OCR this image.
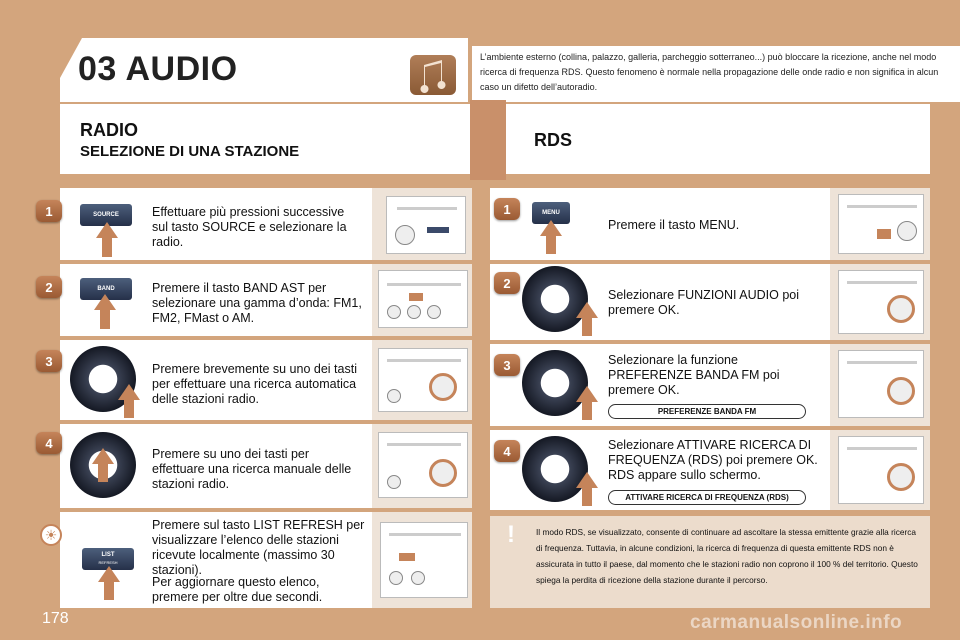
03 AUDIO	L’ambiente esterno (collina, palazzo, galleria, parcheggio sotterraneo...) può bloccare la ricezione, anche nel modo ricerca di frequenza RDS. Questo fenomeno è normale nella propagazione delle onde radio e non significa in alcun caso un difetto dell’autoradio.
RADIO
SELEZIONE DI UNA STAZIONE
RDS
1	SOURCE	Effettuare più pressioni successive sul tasto SOURCE e selezionare la radio.
2	BAND	Premere il tasto BAND AST per selezionare una gamma d’onda: FM1, FM2, FMast o AM.
3
Premere brevemente su uno dei tasti per effettuare una ricerca automatica delle stazioni radio.
4
Premere su uno dei tasti per effettuare una ricerca manuale delle stazioni radio.
☀
LIST
REFRESH
Premere sul tasto LIST REFRESH per visualizzare l’elenco delle stazioni ricevute localmente (massimo 30 stazioni).
Per aggiornare questo elenco, premere per oltre due secondi.
1	MENU
Premere il tasto MENU.
2
Selezionare FUNZIONI AUDIO poi premere OK.
3	Selezionare la funzione PREFERENZE BANDA FM poi premere OK.
PREFERENZE BANDA FM
4	Selezionare ATTIVARE RICERCA DI FREQUENZA (RDS) poi premere OK. RDS appare sullo schermo.
ATTIVARE RICERCA DI FREQUENZA (RDS)
!	Il modo RDS, se visualizzato, consente di continuare ad ascoltare la stessa emittente grazie alla ricerca di frequenza. Tuttavia, in alcune condizioni, la ricerca di frequenza di questa emittente RDS non è assicurata in tutto il paese, dal momento che le stazioni radio non coprono il 100 % del territorio. Questo spiega la perdita di ricezione della stazione durante il percorso.
178	carmanualsonline.info
